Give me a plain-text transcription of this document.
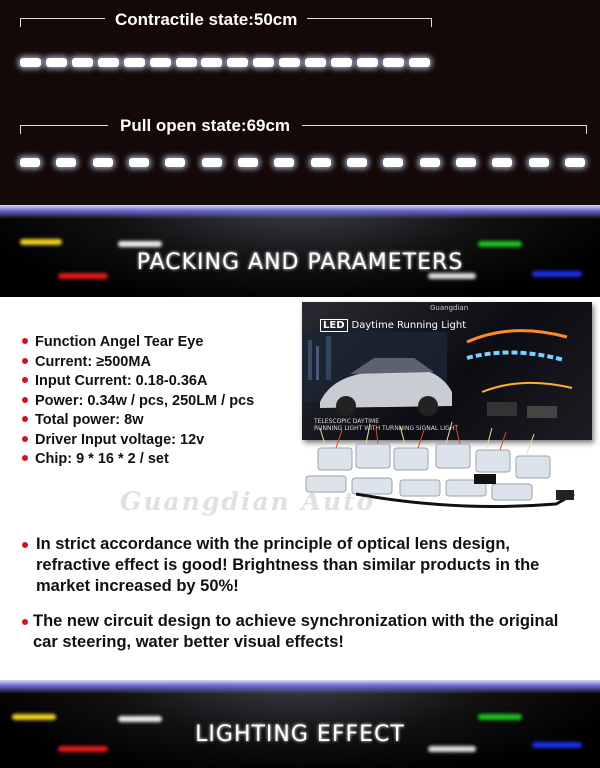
Contractile state:50cm
Pull open state:69cm
PACKING AND PARAMETERS
Guangdian
LED Daytime Running Light
TELESCOPIC DAYTIME
RUNNING LIGHT WITH TURNNING SIGNAL LIGHT
Guangdian Auto
Function Angel Tear Eye
Current: ≥500MA
Input Current: 0.18-0.36A
Power: 0.34w / pcs, 250LM / pcs
Total power: 8w
Driver Input voltage: 12v
Chip: 9 * 16 * 2 / set
In strict accordance with the principle of optical lens design, refractive effect is good! Brightness than similar products in the market increased by 50%!
The new circuit design to achieve synchronization with the original car steering, water better visual effects!
LIGHTING EFFECT
